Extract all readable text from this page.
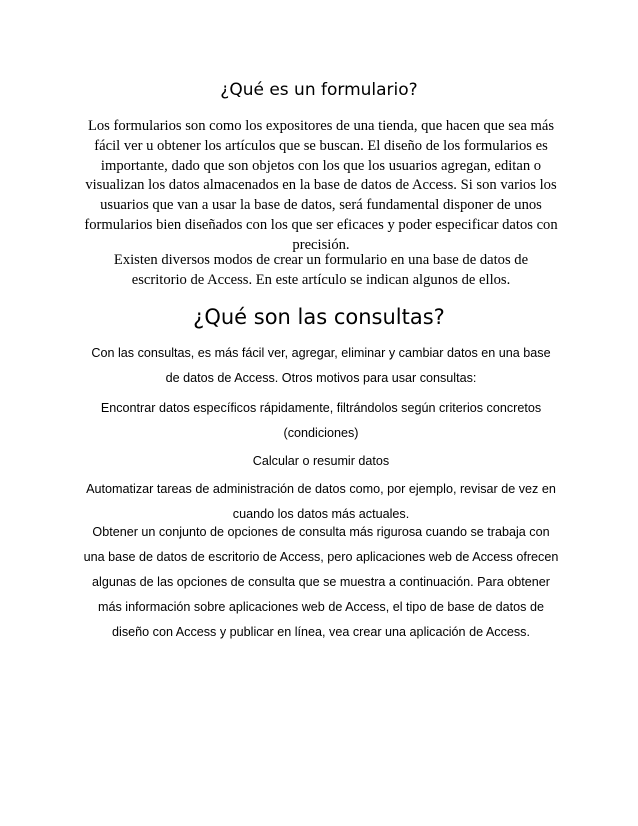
¿Qué es un formulario?

Los formularios son como los expositores de una tienda, que hacen que sea más fácil ver u obtener los artículos que se buscan. El diseño de los formularios es importante, dado que son objetos con los que los usuarios agregan, editan o visualizan los datos almacenados en la base de datos de Access. Si son varios los usuarios que van a usar la base de datos, será fundamental disponer de unos formularios bien diseñados con los que ser eficaces y poder especificar datos con precisión.

Existen diversos modos de crear un formulario en una base de datos de escritorio de Access. En este artículo se indican algunos de ellos.

¿Qué son las consultas?

Con las consultas, es más fácil ver, agregar, eliminar y cambiar datos en una base de datos de Access. Otros motivos para usar consultas:

Encontrar datos específicos rápidamente, filtrándolos según criterios concretos (condiciones)

Calcular o resumir datos

Automatizar tareas de administración de datos como, por ejemplo, revisar de vez en cuando los datos más actuales.

Obtener un conjunto de opciones de consulta más rigurosa cuando se trabaja con una base de datos de escritorio de Access, pero aplicaciones web de Access ofrecen algunas de las opciones de consulta que se muestra a continuación. Para obtener más información sobre aplicaciones web de Access, el tipo de base de datos de diseño con Access y publicar en línea, vea crear una aplicación de Access.
